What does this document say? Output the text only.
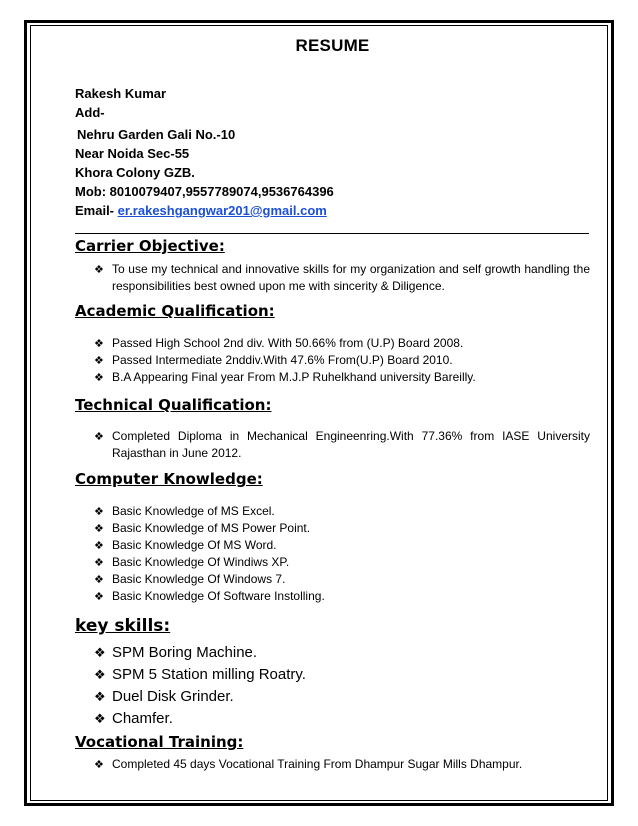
RESUME
Rakesh Kumar
Add-
Nehru Garden Gali No.-10
Near Noida Sec-55
Khora Colony GZB.
Mob: 8010079407,9557789074,9536764396
Email- er.rakeshgangwar201@gmail.com
Carrier Objective:
❖ To use my technical and innovative skills for my organization and self growth handling the responsibilities best owned upon me with sincerity & Diligence.
Academic Qualification:
❖ Passed High School 2nd div. With 50.66% from (U.P) Board 2008.
❖ Passed Intermediate 2nddiv.With 47.6% From(U.P) Board 2010.
❖ B.A Appearing Final year From M.J.P Ruhelkhand university Bareilly.
Technical Qualification:
❖ Completed Diploma in Mechanical Engineenring.With 77.36% from IASE University Rajasthan in June 2012.
Computer Knowledge:
❖ Basic Knowledge of MS Excel.
❖ Basic Knowledge of MS Power Point.
❖ Basic Knowledge Of MS Word.
❖ Basic Knowledge Of Windiws XP.
❖ Basic Knowledge Of Windows 7.
❖ Basic Knowledge Of Software Instolling.
key skills:
❖ SPM Boring Machine.
❖ SPM 5 Station milling Roatry.
❖ Duel Disk Grinder.
❖ Chamfer.
Vocational Training:
❖ Completed 45 days Vocational Training From Dhampur Sugar Mills Dhampur.
